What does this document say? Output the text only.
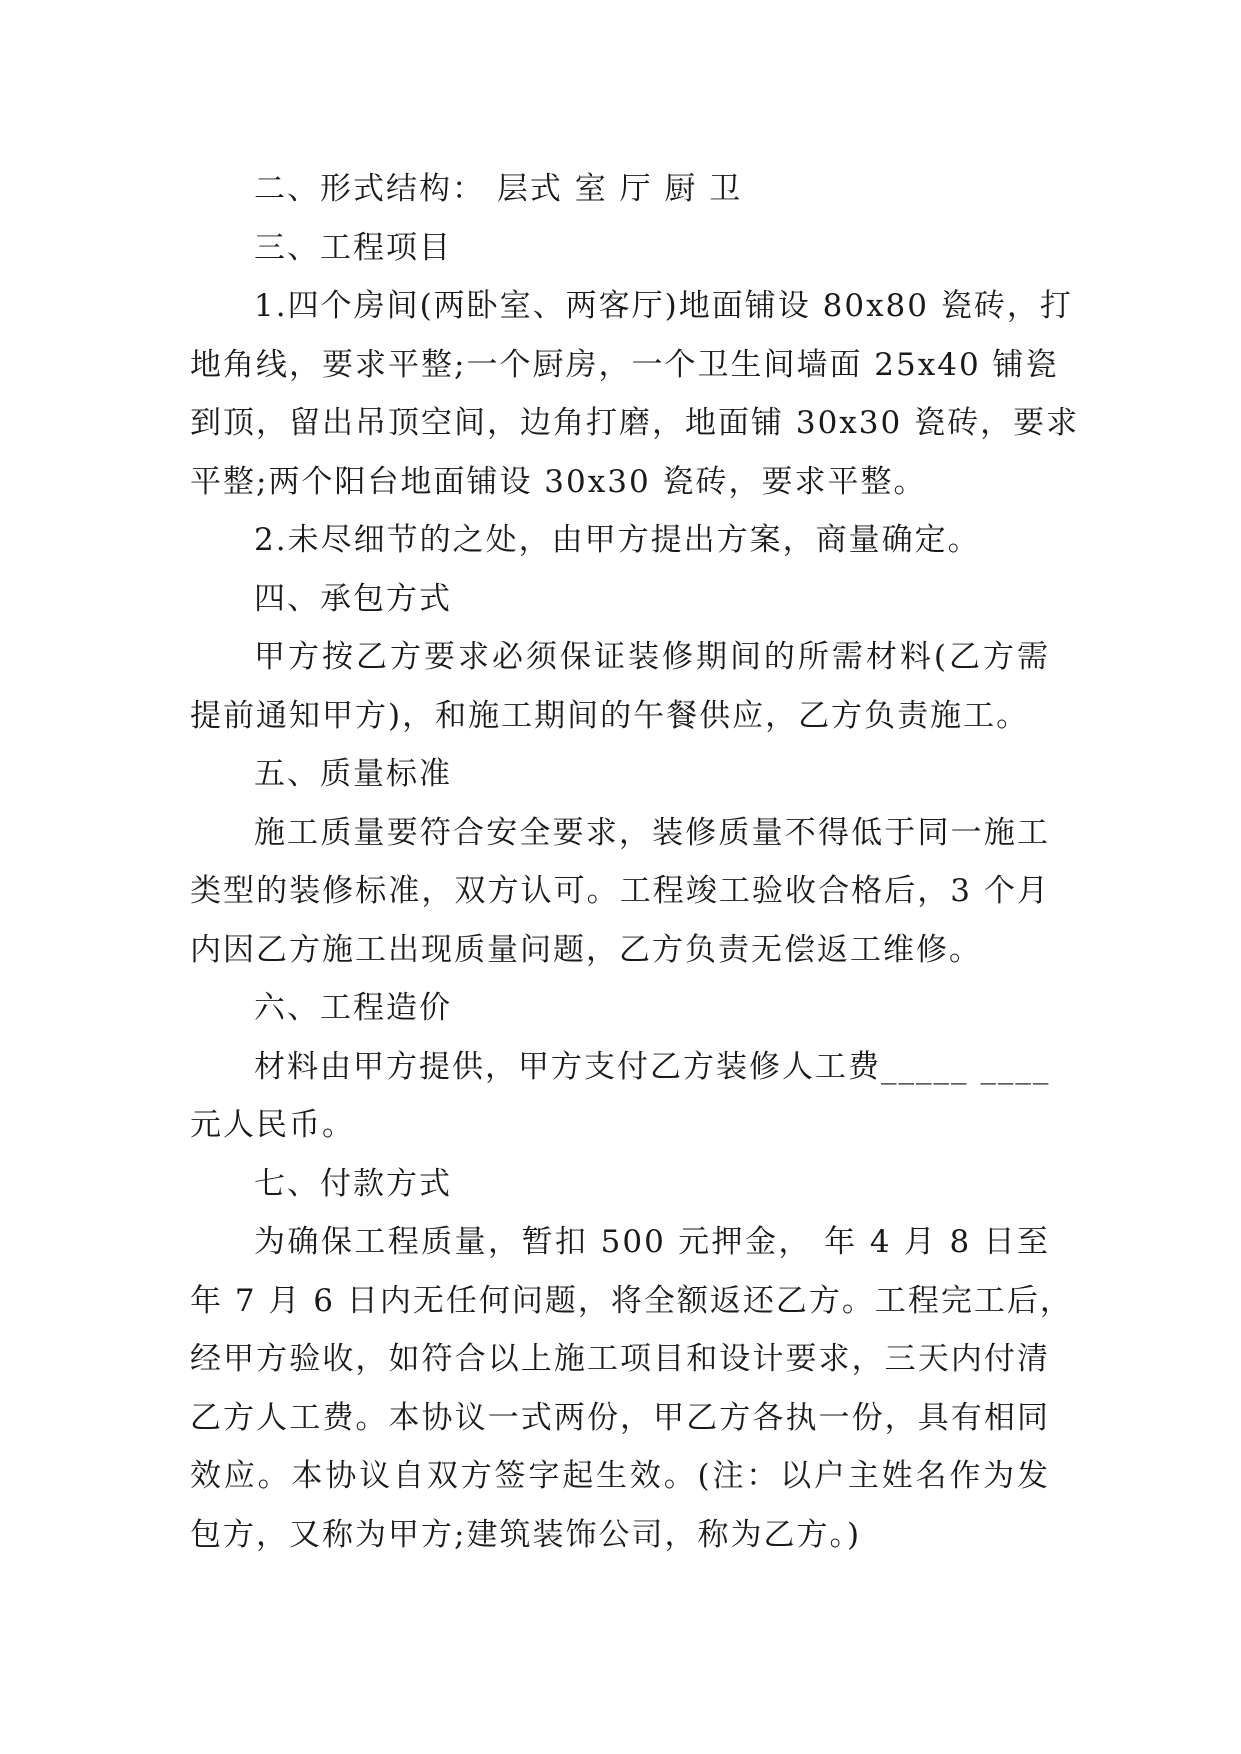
二、形式结构： 层式 室 厅 厨 卫
三、工程项目
1.四个房间(两卧室、两客厅)地面铺设 80x80 瓷砖，打
地角线，要求平整;一个厨房，一个卫生间墙面 25x40 铺瓷
到顶，留出吊顶空间，边角打磨，地面铺 30x30 瓷砖，要求
平整;两个阳台地面铺设 30x30 瓷砖，要求平整。
2.未尽细节的之处，由甲方提出方案，商量确定。
四、承包方式
甲方按乙方要求必须保证装修期间的所需材料(乙方需
提前通知甲方)，和施工期间的午餐供应，乙方负责施工。
五、质量标准
施工质量要符合安全要求，装修质量不得低于同一施工
类型的装修标准，双方认可。工程竣工验收合格后，3 个月
内因乙方施工出现质量问题，乙方负责无偿返工维修。
六、工程造价
材料由甲方提供，甲方支付乙方装修人工费_____ ____
元人民币。
七、付款方式
为确保工程质量，暂扣 500 元押金， 年 4 月 8 日至
年 7 月 6 日内无任何问题，将全额返还乙方。工程完工后，
经甲方验收，如符合以上施工项目和设计要求，三天内付清
乙方人工费。本协议一式两份，甲乙方各执一份，具有相同
效应。本协议自双方签字起生效。(注：以户主姓名作为发
包方，又称为甲方;建筑装饰公司，称为乙方。)
